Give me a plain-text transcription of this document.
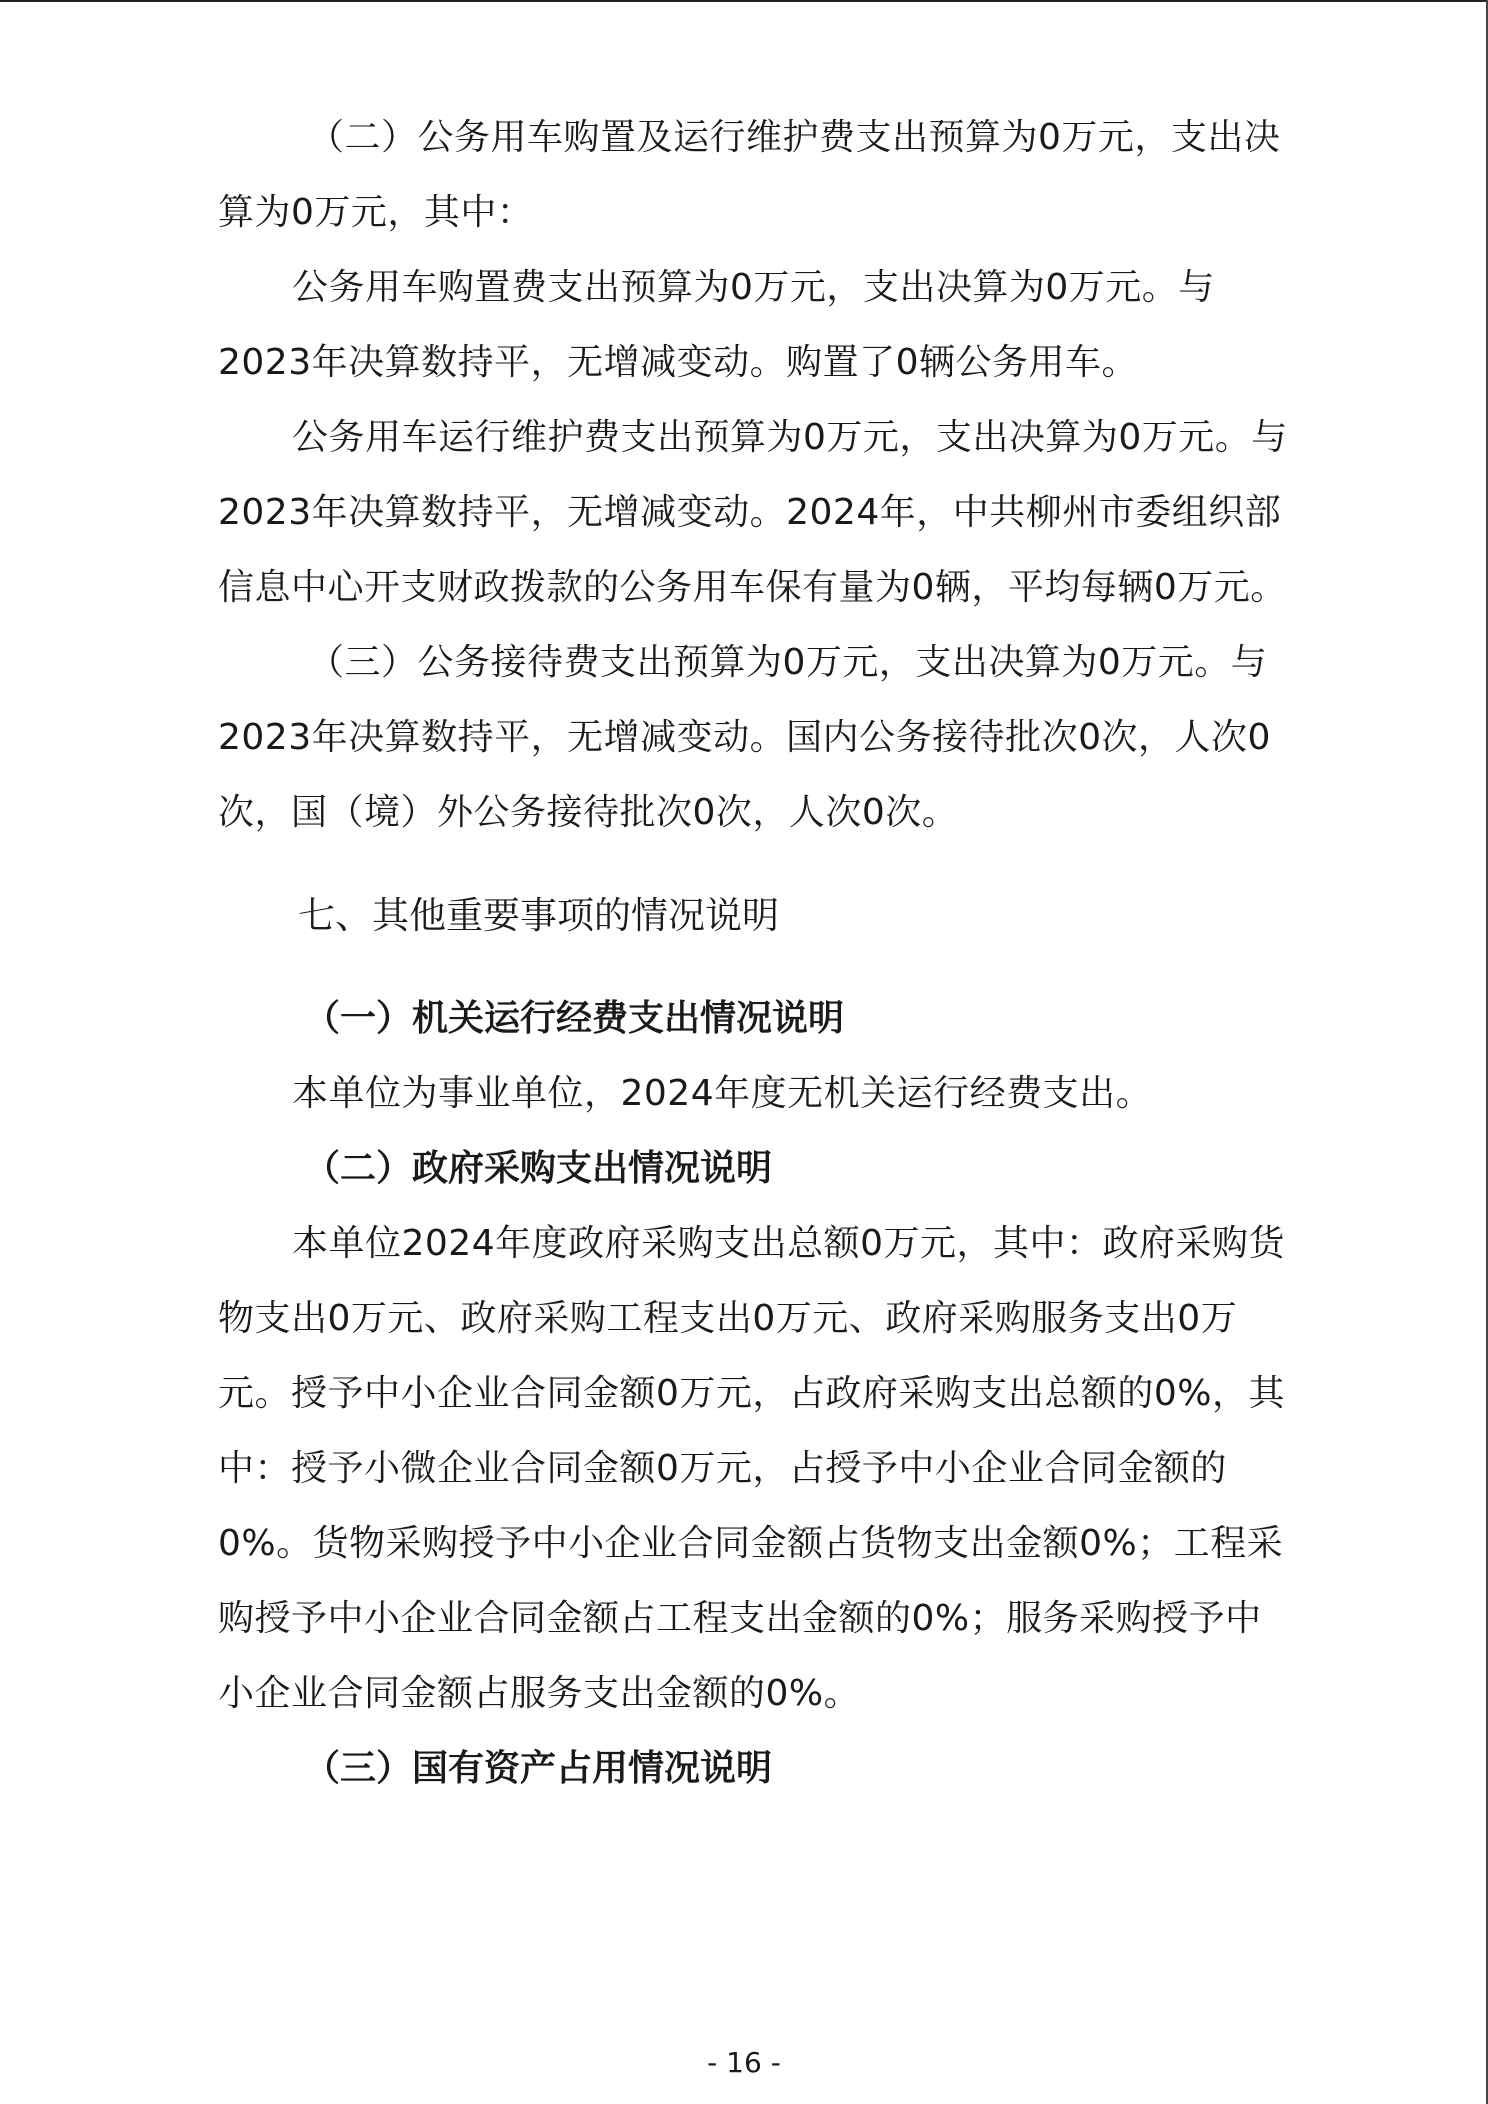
（二）公务用车购置及运行维护费支出预算为0万元，支出决算为0万元，其中：

公务用车购置费支出预算为0万元，支出决算为0万元。与2023年决算数持平，无增减变动。购置了0辆公务用车。

公务用车运行维护费支出预算为0万元，支出决算为0万元。与2023年决算数持平，无增减变动。2024年，中共柳州市委组织部信息中心开支财政拨款的公务用车保有量为0辆，平均每辆0万元。

（三）公务接待费支出预算为0万元，支出决算为0万元。与2023年决算数持平，无增减变动。国内公务接待批次0次，人次0次，国（境）外公务接待批次0次，人次0次。

七、其他重要事项的情况说明
（一）机关运行经费支出情况说明

本单位为事业单位，2024年度无机关运行经费支出。

（二）政府采购支出情况说明

本单位2024年度政府采购支出总额0万元，其中：政府采购货物支出0万元、政府采购工程支出0万元、政府采购服务支出0万元。授予中小企业合同金额0万元，占政府采购支出总额的0%，其中：授予小微企业合同金额0万元，占授予中小企业合同金额的0%。货物采购授予中小企业合同金额占货物支出金额0%；工程采购授予中小企业合同金额占工程支出金额的0%；服务采购授予中小企业合同金额占服务支出金额的0%。

（三）国有资产占用情况说明
- 16 -
